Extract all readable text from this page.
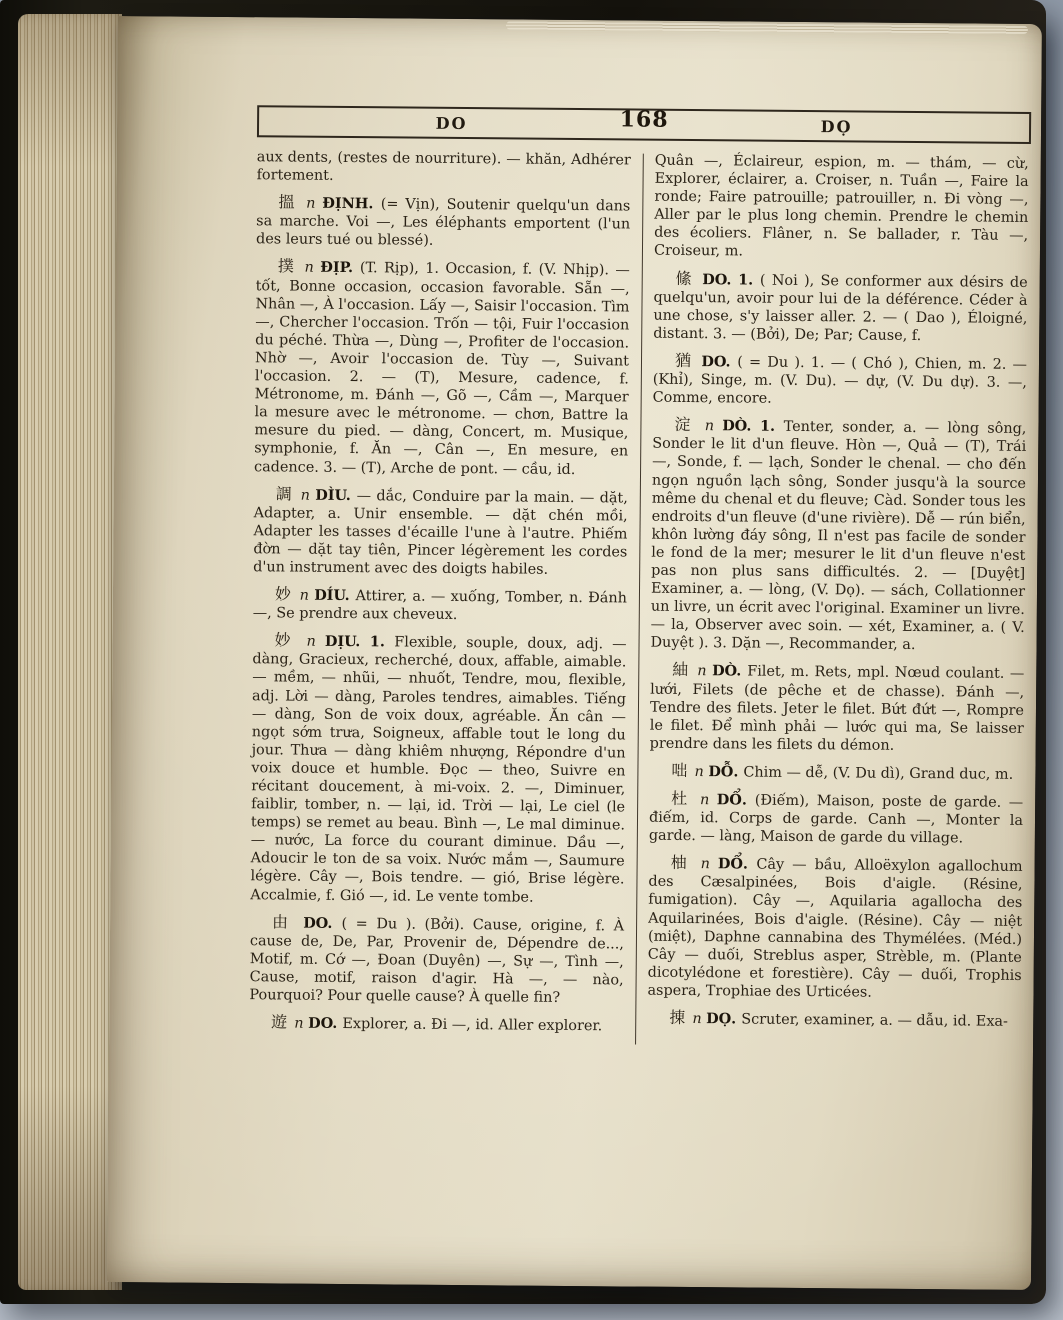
DO	DỌ
168

aux dents, (restes de nourriture). — khăn, Adhérer fortement.

搵 n ĐỊNH. (= Vịn), Soutenir quelqu'un dans sa marche. Voi —, Les éléphants emportent (l'un des leurs tué ou blessé).

撲 n ĐỊP. (T. Rịp), 1. Occasion, f. (V. Nhịp). — tốt, Bonne occasion, occasion favorable. Sẵn —, Nhân —, À l'occasion. Lấy —, Saisir l'occasion. Tìm —, Chercher l'occasion. Trốn — tội, Fuir l'occasion du péché. Thừa —, Dùng —, Profiter de l'occasion. Nhờ —, Avoir l'occasion de. Tùy —, Suivant l'occasion. 2. — (T), Mesure, cadence, f. Métronome, m. Đánh —, Gõ —, Cầm —, Marquer la mesure avec le métronome. — chơn, Battre la mesure du pied. — dàng, Concert, m. Musique, symphonie, f. Ăn —, Cân —, En mesure, en cadence. 3. — (T), Arche de pont. — cầu, id.

調 n DÌU. — dắc, Conduire par la main. — dặt, Adapter, a. Unir ensemble. — dặt chén mồi, Adapter les tasses d'écaille l'une à l'autre. Phiếm đờn — dặt tay tiên, Pincer légèrement les cordes d'un instrument avec des doigts habiles.

妙 n DÍU. Attirer, a. — xuống, Tomber, n. Đánh —, Se prendre aux cheveux.

妙 n DỊU. 1. Flexible, souple, doux, adj. — dàng, Gracieux, recherché, doux, affable, aimable. — mềm, — nhũi, — nhuốt, Tendre, mou, flexible, adj. Lời — dàng, Paroles tendres, aimables. Tiếng — dàng, Son de voix doux, agréable. Ăn cân — ngọt sớm trưa, Soigneux, affable tout le long du jour. Thưa — dàng khiêm nhượng, Répondre d'un voix douce et humble. Đọc — theo, Suivre en récitant doucement, à mi-voix. 2. —, Diminuer, faiblir, tomber, n. — lại, id. Trời — lại, Le ciel (le temps) se remet au beau. Bình —, Le mal diminue. — nước, La force du courant diminue. Dầu —, Adoucir le ton de sa voix. Nước mắm —, Saumure légère. Cây —, Bois tendre. — gió, Brise légère. Accalmie, f. Gió —, id. Le vente tombe.

由 DO. ( = Du ). (Bởi). Cause, origine, f. À cause de, De, Par, Provenir de, Dépendre de..., Motif, m. Cớ —, Đoan (Duyên) —, Sự —, Tình —, Cause, motif, raison d'agir. Hà —, — nào, Pourquoi? Pour quelle cause? À quelle fin?

遊 n DO. Explorer, a. Đi —, id. Aller explorer.

Quân —, Éclaireur, espion, m. — thám, — cừ, Explorer, éclairer, a. Croiser, n. Tuần —, Faire la ronde; Faire patrouille; patrouiller, n. Đi vòng —, Aller par le plus long chemin. Prendre le chemin des écoliers. Flâner, n. Se ballader, r. Tàu —, Croiseur, m.

絛 DO. 1. ( Noi ), Se conformer aux désirs de quelqu'un, avoir pour lui de la déférence. Céder à une chose, s'y laisser aller. 2. — ( Dao ), Éloigné, distant. 3. — (Bởi), De; Par; Cause, f.

猶 DO. ( = Du ). 1. — ( Chó ), Chien, m. 2. — (Khỉ), Singe, m. (V. Du). — dự, (V. Du dự). 3. —, Comme, encore.

淀 n DÒ. 1. Tenter, sonder, a. — lòng sông, Sonder le lit d'un fleuve. Hòn —, Quả — (T), Trái —, Sonde, f. — lạch, Sonder le chenal. — cho đến ngọn nguồn lạch sông, Sonder jusqu'à la source même du chenal et du fleuve; Càd. Sonder tous les endroits d'un fleuve (d'une rivière). Dễ — rún biển, khôn lường đáy sông, Il n'est pas facile de sonder le fond de la mer; mesurer le lit d'un fleuve n'est pas non plus sans difficultés. 2. — [Duyệt] Examiner, a. — lòng, (V. Dọ). — sách, Collationner un livre, un écrit avec l'original. Examiner un livre. — la, Observer avec soin. — xét, Examiner, a. ( V. Duyệt ). 3. Dặn —, Recommander, a.

紬 n DÒ. Filet, m. Rets, mpl. Nœud coulant. — lưới, Filets (de pêche et de chasse). Đánh —, Tendre des filets. Jeter le filet. Bứt đứt —, Rompre le filet. Để mình phải — lước qui ma, Se laisser prendre dans les filets du démon.

咄 n DỖ. Chim — dễ, (V. Du dì), Grand duc, m.

杜 n DỔ. (Điếm), Maison, poste de garde. — điếm, id. Corps de garde. Canh —, Monter la garde. — làng, Maison de garde du village.

柚 n DỔ. Cây — bầu, Alloëxylon agallochum des Cæsalpinées, Bois d'aigle. (Résine, fumigation). Cây —, Aquilaria agallocha des Aquilarinées, Bois d'aigle. (Résine). Cây — niệt (miệt), Daphne cannabina des Thymélées. (Méd.) Cây — duối, Streblus asper, Strèble, m. (Plante dicotylédone et forestière). Cây — duối, Trophis aspera, Trophiae des Urticées.

㨂 n DỌ. Scruter, examiner, a. — dẫu, id. Exa-
